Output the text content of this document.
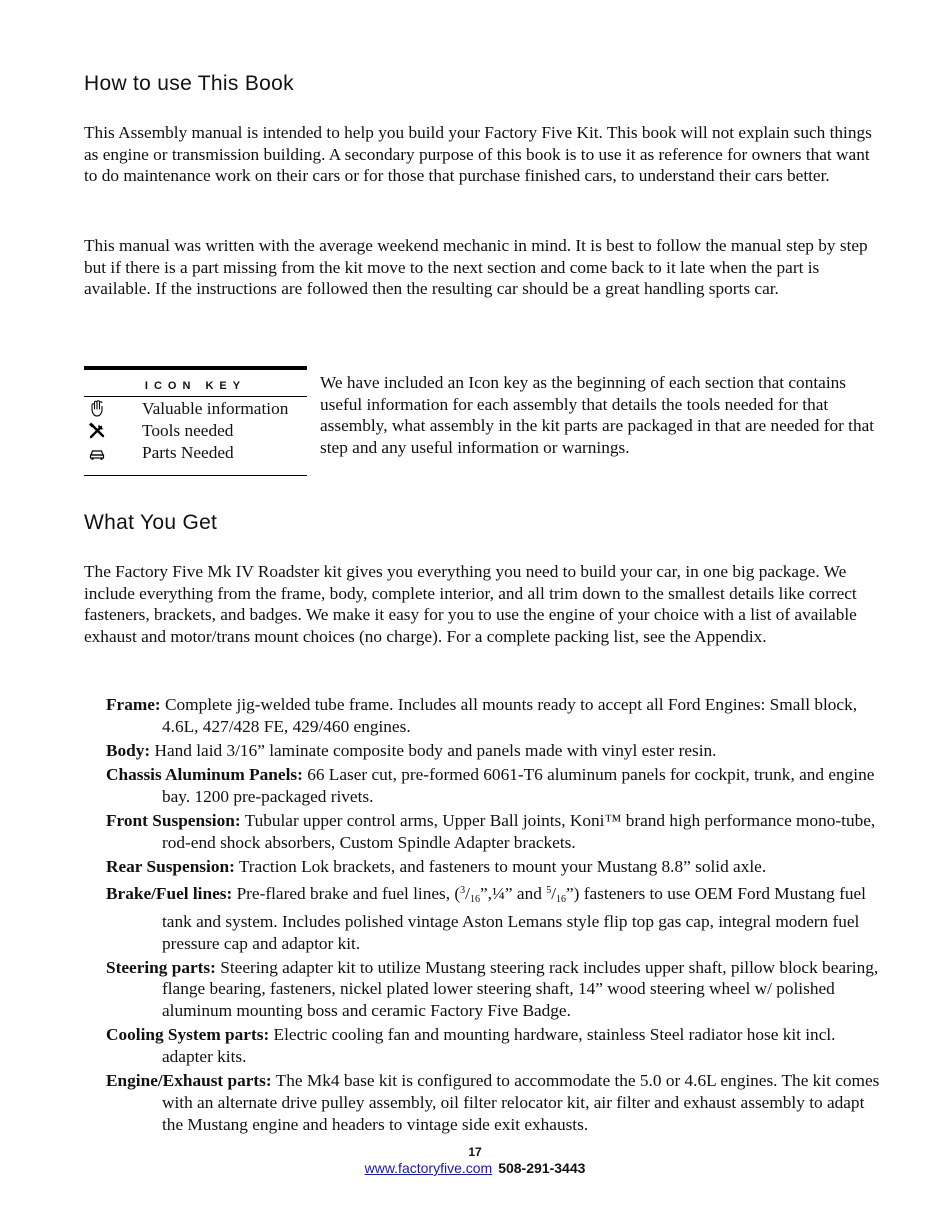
How to use This Book

This Assembly manual is intended to help you build your Factory Five Kit. This book will not explain such things as engine or transmission building. A secondary purpose of this book is to use it as reference for owners that want to do maintenance work on their cars or for those that purchase finished cars, to understand their cars better.

This manual was written with the average weekend mechanic in mind. It is best to follow the manual step by step but if there is a part missing from the kit move to the next section and come back to it late when the part is available. If the instructions are followed then the resulting car should be a great handling sports car.

ICON KEY
Valuable information
Tools needed
Parts Needed

We have included an Icon key as the beginning of each section that contains useful information for each assembly that details the tools needed for that assembly, what assembly in the kit parts are packaged in that are needed for that step and any useful information or warnings.

What You Get

The Factory Five Mk IV Roadster kit gives you everything you need to build your car, in one big package. We include everything from the frame, body, complete interior, and all trim down to the smallest details like correct fasteners, brackets, and badges. We make it easy for you to use the engine of your choice with a list of available exhaust and motor/trans mount choices (no charge). For a complete packing list, see the Appendix.

Frame: Complete jig-welded tube frame. Includes all mounts ready to accept all Ford Engines: Small block, 4.6L, 427/428 FE, 429/460 engines.

Body: Hand laid 3/16” laminate composite body and panels made with vinyl ester resin.

Chassis Aluminum Panels: 66 Laser cut, pre-formed 6061-T6 aluminum panels for cockpit, trunk, and engine bay. 1200 pre-packaged rivets.

Front Suspension: Tubular upper control arms, Upper Ball joints, Koni™ brand high performance mono-tube, rod-end shock absorbers, Custom Spindle Adapter brackets.

Rear Suspension: Traction Lok brackets, and fasteners to mount your Mustang 8.8” solid axle.

Brake/Fuel lines: Pre-flared brake and fuel lines, ($^3/_{16}”,\frac{1}{4}$” and $^5/_{16}$”) fasteners to use OEM Ford Mustang fuel tank and system. Includes polished vintage Aston Lemans style flip top gas cap, integral modern fuel pressure cap and adaptor kit.

Steering parts: Steering adapter kit to utilize Mustang steering rack includes upper shaft, pillow block bearing, flange bearing, fasteners, nickel plated lower steering shaft, 14” wood steering wheel w/ polished aluminum mounting boss and ceramic Factory Five Badge.

Cooling System parts: Electric cooling fan and mounting hardware, stainless Steel radiator hose kit incl. adapter kits.

Engine/Exhaust parts: The Mk4 base kit is configured to accommodate the 5.0 or 4.6L engines. The kit comes with an alternate drive pulley assembly, oil filter relocator kit, air filter and exhaust assembly to adapt the Mustang engine and headers to vintage side exit exhausts.

17
www.factoryfive.com 508-291-3443
